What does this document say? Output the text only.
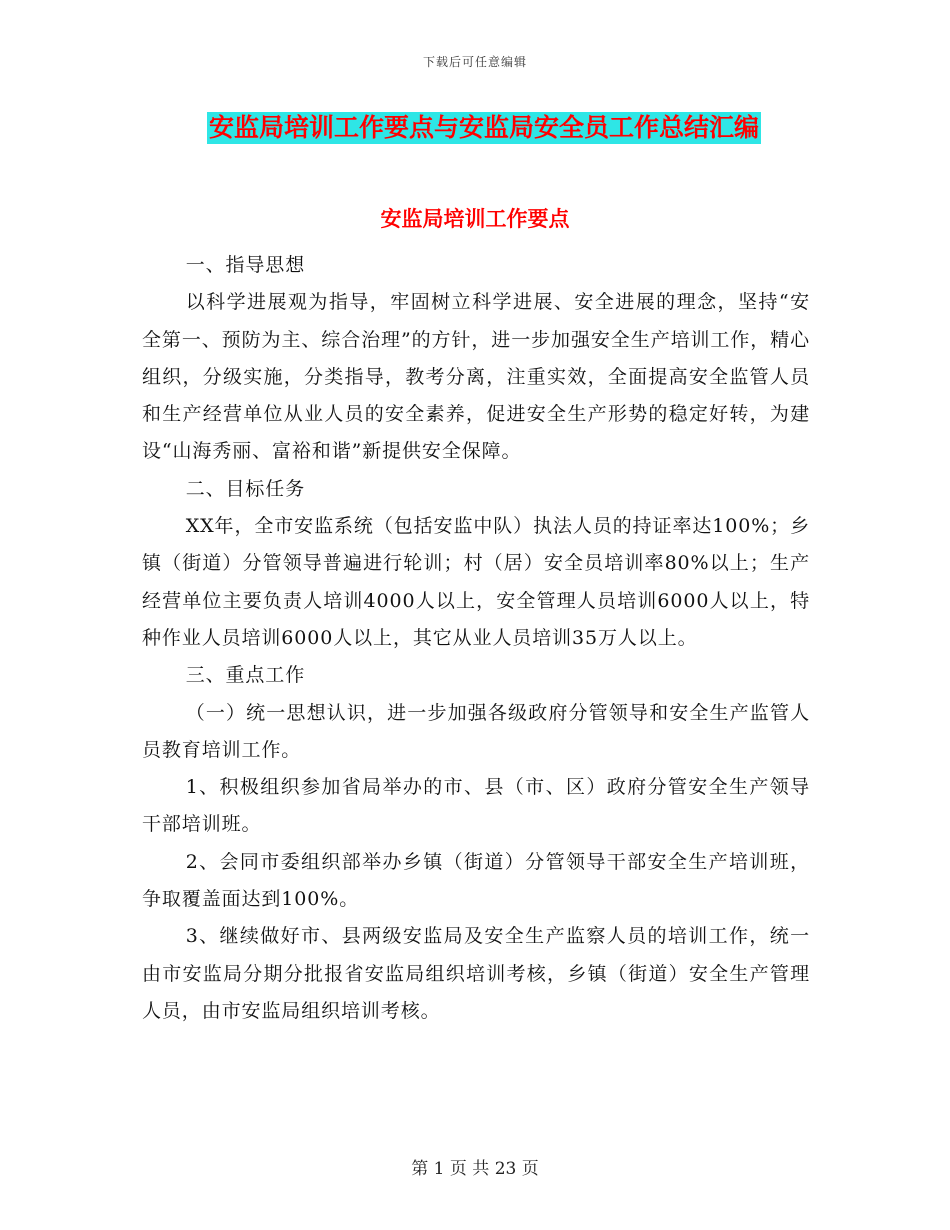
下载后可任意编辑
安监局培训工作要点与安监局安全员工作总结汇编
安监局培训工作要点

一、指导思想

以科学进展观为指导，牢固树立科学进展、安全进展的理念，坚持“安全第一、预防为主、综合治理”的方针，进一步加强安全生产培训工作，精心组织，分级实施，分类指导，教考分离，注重实效，全面提高安全监管人员和生产经营单位从业人员的安全素养，促进安全生产形势的稳定好转，为建设“山海秀丽、富裕和谐”新提供安全保障。

二、目标任务

XX年，全市安监系统（包括安监中队）执法人员的持证率达100%；乡镇（街道）分管领导普遍进行轮训；村（居）安全员培训率80%以上；生产经营单位主要负责人培训4000人以上，安全管理人员培训6000人以上，特种作业人员培训6000人以上，其它从业人员培训35万人以上。

三、重点工作

（一）统一思想认识，进一步加强各级政府分管领导和安全生产监管人员教育培训工作。

1、积极组织参加省局举办的市、县（市、区）政府分管安全生产领导干部培训班。

2、会同市委组织部举办乡镇（街道）分管领导干部安全生产培训班，争取覆盖面达到100%。

3、继续做好市、县两级安监局及安全生产监察人员的培训工作，统一由市安监局分期分批报省安监局组织培训考核，乡镇（街道）安全生产管理人员，由市安监局组织培训考核。

第 1 页 共 23 页
